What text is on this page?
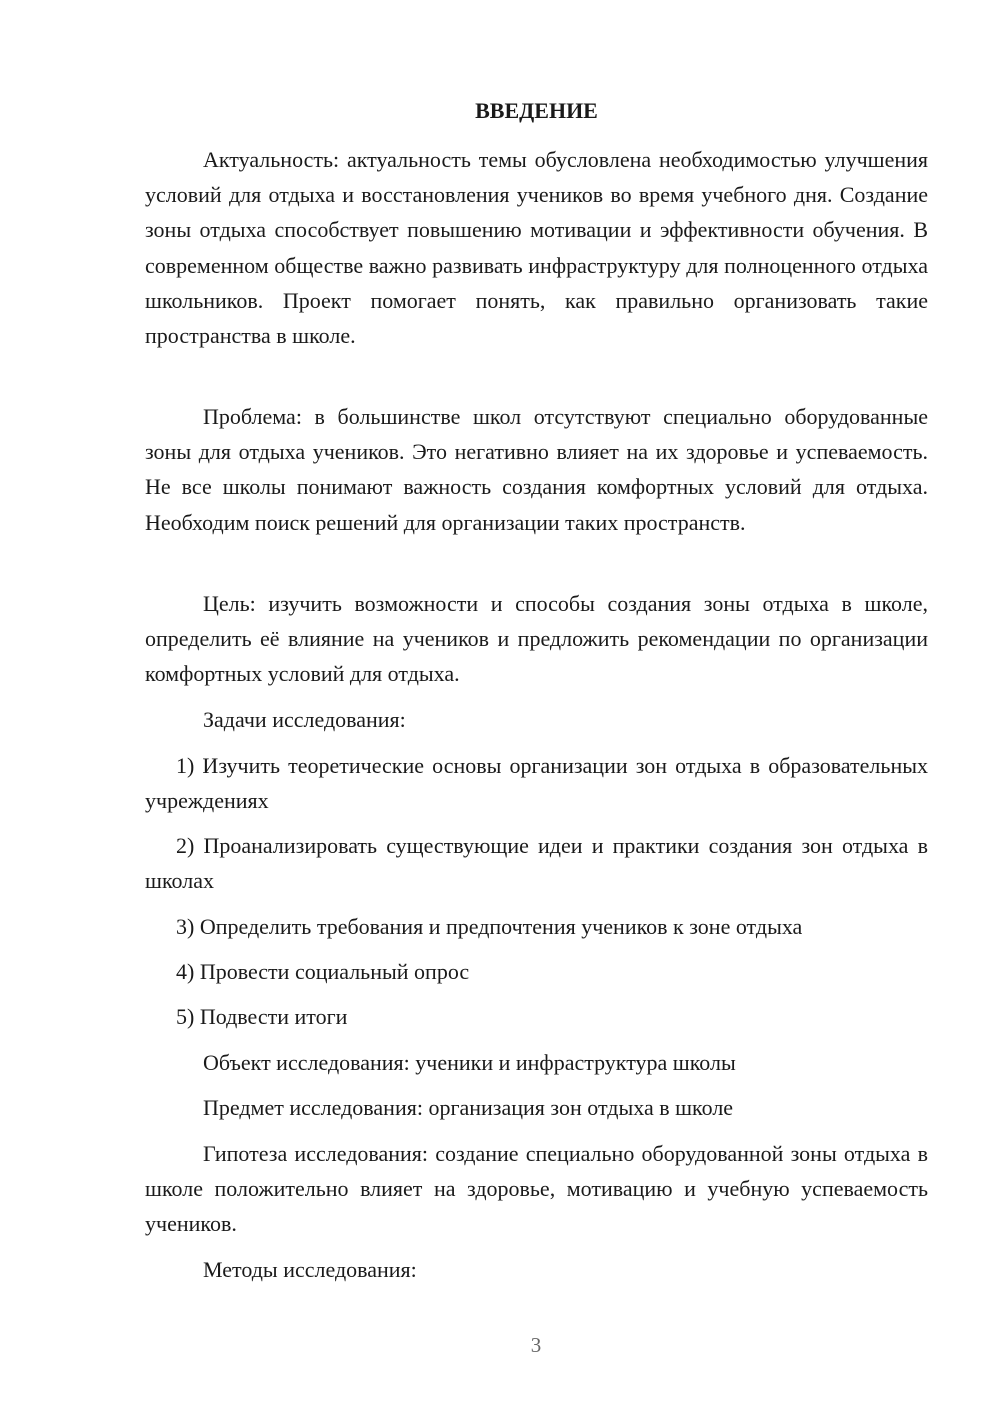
ВВЕДЕНИЕ

Актуальность: актуальность темы обусловлена необходимостью улучшения условий для отдыха и восстановления учеников во время учебного дня. Создание зоны отдыха способствует повышению мотивации и эффективности обучения. В современном обществе важно развивать инфраструктуру для полноценного отдыха школьников. Проект помогает понять, как правильно организовать такие пространства в школе.

Проблема: в большинстве школ отсутствуют специально оборудованные зоны для отдыха учеников. Это негативно влияет на их здоровье и успеваемость. Не все школы понимают важность создания комфортных условий для отдыха. Необходим поиск решений для организации таких пространств.

Цель: изучить возможности и способы создания зоны отдыха в школе, определить её влияние на учеников и предложить рекомендации по организации комфортных условий для отдыха.

Задачи исследования:

1) Изучить теоретические основы организации зон отдыха в образовательных учреждениях

2) Проанализировать существующие идеи и практики создания зон отдыха в школах

3) Определить требования и предпочтения учеников к зоне отдыха

4) Провести социальный опрос

5) Подвести итоги

Объект исследования: ученики и инфраструктура школы

Предмет исследования: организация зон отдыха в школе

Гипотеза исследования: создание специально оборудованной зоны отдыха в школе положительно влияет на здоровье, мотивацию и учебную успеваемость учеников.

Методы исследования:

3
